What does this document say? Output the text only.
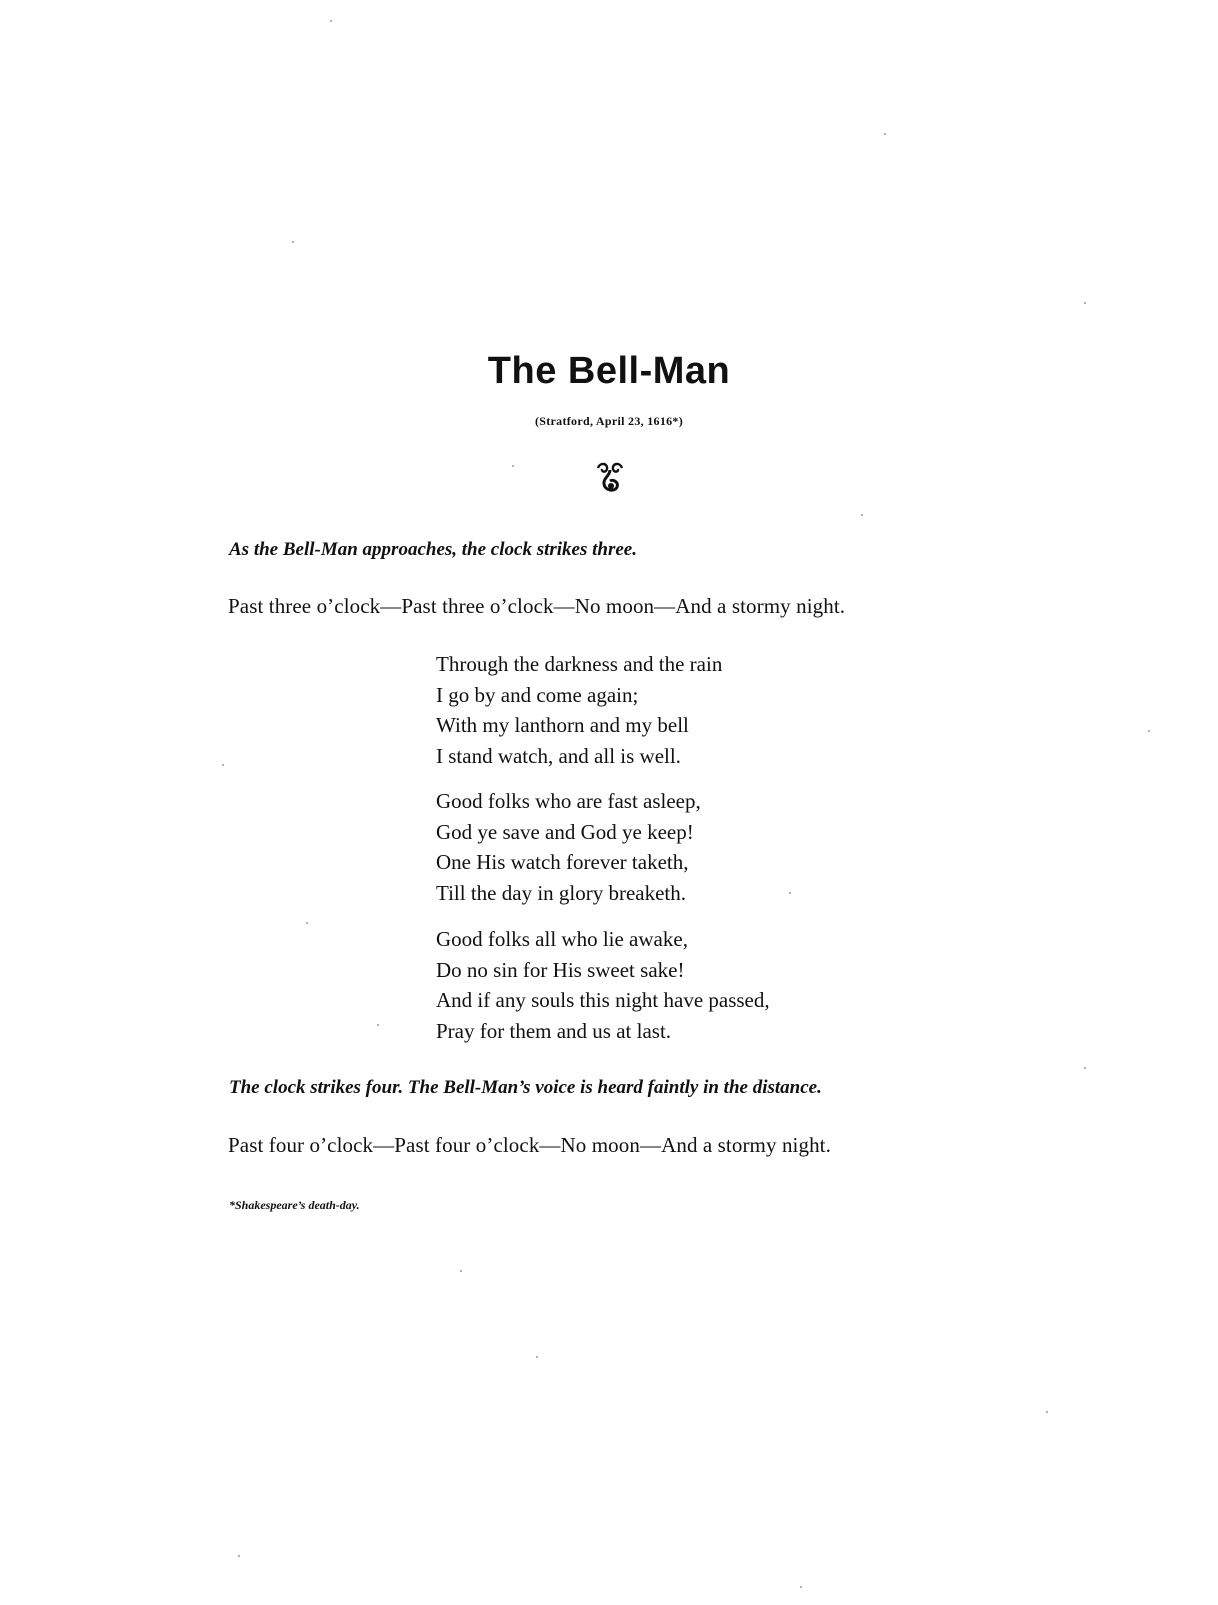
The Bell-Man
(Stratford, April 23, 1616*)
As the Bell-Man approaches, the clock strikes three.
Past three o’clock—Past three o’clock—No moon—And a stormy night.
Through the darkness and the rain
I go by and come again;
With my lanthorn and my bell
I stand watch, and all is well.
Good folks who are fast asleep,
God ye save and God ye keep!
One His watch forever taketh,
Till the day in glory breaketh.
Good folks all who lie awake,
Do no sin for His sweet sake!
And if any souls this night have passed,
Pray for them and us at last.
The clock strikes four. The Bell-Man’s voice is heard faintly in the distance.
Past four o’clock—Past four o’clock—No moon—And a stormy night.
*Shakespeare’s death-day.
